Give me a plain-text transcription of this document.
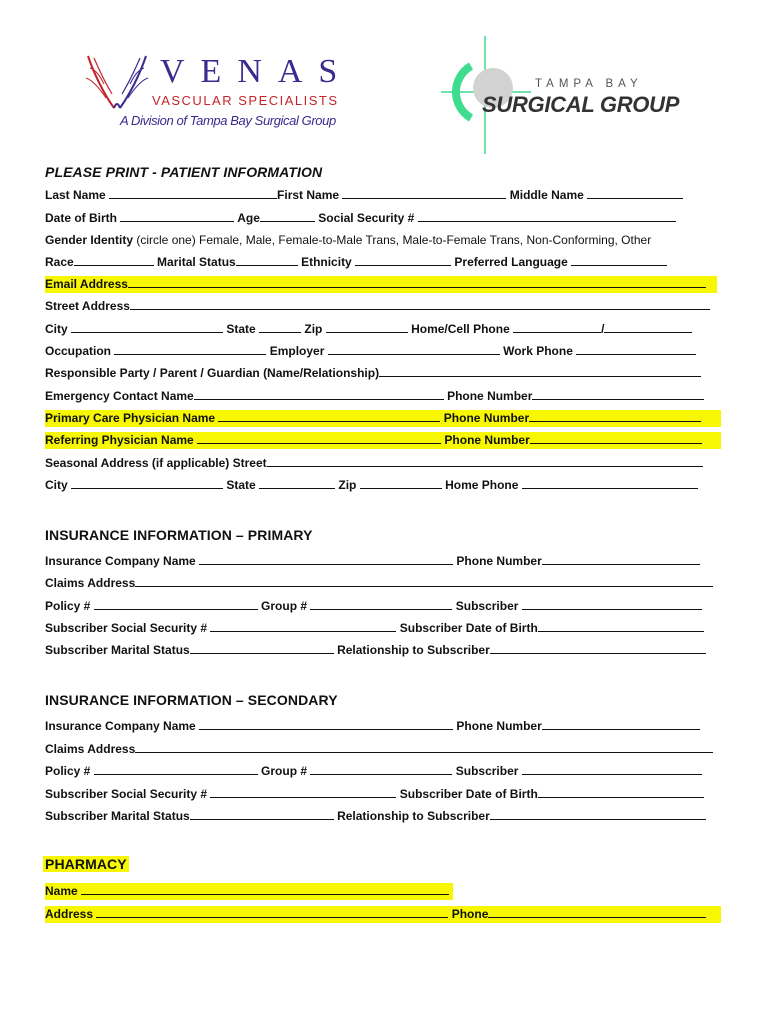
VENAS
VASCULAR SPECIALISTS
A Division of Tampa Bay Surgical Group
TAMPA BAY
SURGICAL GROUP
PLEASE PRINT - PATIENT INFORMATION
Last Name	First Name	Middle Name
Date of Birth	Age	Social Security #
Gender Identity (circle one) Female, Male, Female-to-Male Trans, Male-to-Female Trans, Non-Conforming, Other
Race	Marital Status	Ethnicity	Preferred Language
Email Address
Street Address
City	State	Zip	Home/Cell Phone	/
Occupation	Employer	Work Phone
Responsible Party / Parent / Guardian (Name/Relationship)
Emergency Contact Name	Phone Number
Primary Care Physician Name	Phone Number
Referring Physician Name	Phone Number
Seasonal Address (if applicable) Street
City	State	Zip	Home Phone
INSURANCE INFORMATION – PRIMARY
Insurance Company Name	Phone Number
Claims Address
Policy #	Group #	Subscriber
Subscriber Social Security #	Subscriber Date of Birth
Subscriber Marital Status	Relationship to Subscriber
INSURANCE INFORMATION – SECONDARY
Insurance Company Name	Phone Number
Claims Address
Policy #	Group #	Subscriber
Subscriber Social Security #	Subscriber Date of Birth
Subscriber Marital Status	Relationship to Subscriber
PHARMACY
Name
Address	Phone
